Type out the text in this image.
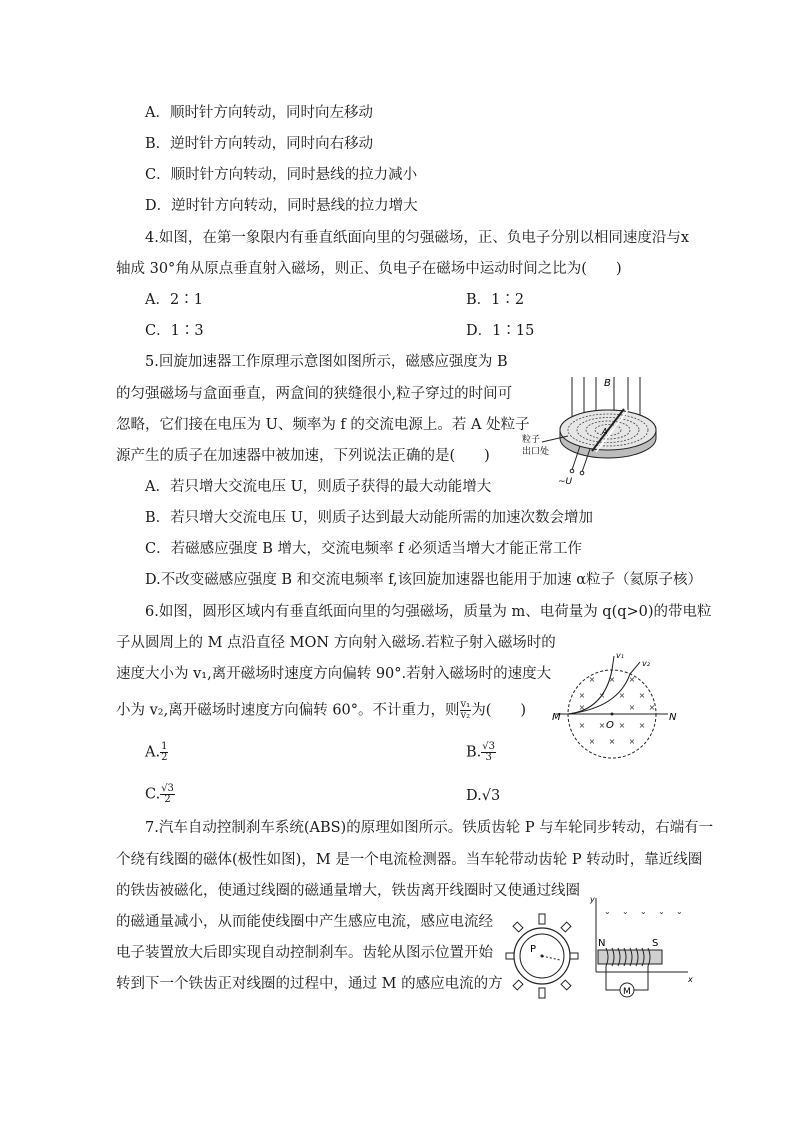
A．顺时针方向转动，同时向左移动
B．逆时针方向转动，同时向右移动
C．顺时针方向转动，同时悬线的拉力减小
D．逆时针方向转动，同时悬线的拉力增大
4.如图，在第一象限内有垂直纸面向里的匀强磁场，正、负电子分别以相同速度沿与x
轴成 30°角从原点垂直射入磁场，则正、负电子在磁场中运动时间之比为(　　)
A．2∶1	B．1∶2
C．1∶3	D．1∶15
5.回旋加速器工作原理示意图如图所示，磁感应强度为 B
的匀强磁场与盒面垂直，两盒间的狭缝很小,粒子穿过的时间可
忽略，它们接在电压为 U、频率为 f 的交流电源上。若 A 处粒子
源产生的质子在加速器中被加速，下列说法正确的是(　　)
A．若只增大交流电压 U，则质子获得的最大动能增大
B．若只增大交流电压 U，则质子达到最大动能所需的加速次数会增加
C．若磁感应强度 B 增大，交流电频率 f 必须适当增大才能正常工作
D.不改变磁感应强度 B 和交流电频率 f,该回旋加速器也能用于加速 α粒子（氦原子核）
B
A
粒子
出口处
~U
6.如图，圆形区域内有垂直纸面向里的匀强磁场，质量为 m、电荷量为 q(q>0)的带电粒
子从圆周上的 M 点沿直径 MON 方向射入磁场.若粒子射入磁场时的
速度大小为 v₁,离开磁场时速度方向偏转 90°.若射入磁场时的速度大
小为 v₂,离开磁场时速度方向偏转 60°。不计重力，则 $\frac{\text{v₁}}{\text{v₂}}$ 为(　　)
A. $\frac{1}{2}$	B. $\frac{√3}{3}$
C. $\frac{√3}{2}$	D.√3
× × ×
× × × ×
×	× ×
× × × ×
× × ×
M
O
N
v₁
v₂
7.汽车自动控制刹车系统(ABS)的原理如图所示。铁质齿轮 P 与车轮同步转动，右端有一
个绕有线圈的磁体(极性如图)，M 是一个电流检测器。当车轮带动齿轮 P 转动时，靠近线圈
的铁齿被磁化，使通过线圈的磁通量增大，铁齿离开线圈时又使通过线圈
的磁通量减小，从而能使线圈中产生感应电流，感应电流经
电子装置放大后即实现自动控制刹车。齿轮从图示位置开始
转到下一个铁齿正对线圈的过程中，通过 M 的感应电流的方
P
y
x
⌄ ⌄ ⌄ ⌄ ⌄
M
N	S
